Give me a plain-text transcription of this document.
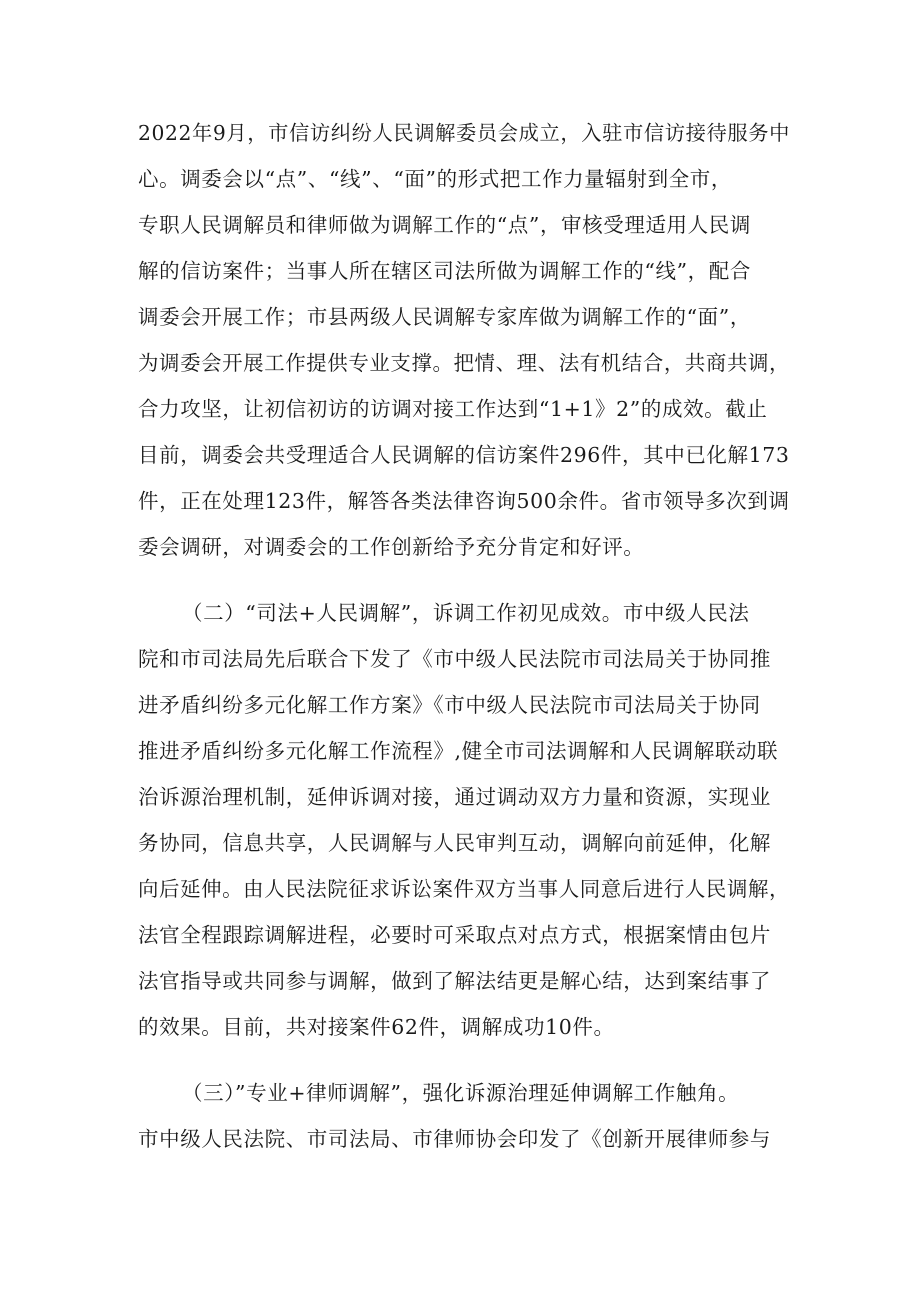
2022年9月，市信访纠纷人民调解委员会成立，入驻市信访接待服务中
心。调委会以“点”、“线”、“面”的形式把工作力量辐射到全市，
专职人民调解员和律师做为调解工作的“点”，审核受理适用人民调
解的信访案件；当事人所在辖区司法所做为调解工作的“线”，配合
调委会开展工作；市县两级人民调解专家库做为调解工作的“面”，
为调委会开展工作提供专业支撑。把情、理、法有机结合，共商共调，
合力攻坚，让初信初访的访调对接工作达到“1+1》2”的成效。截止
目前，调委会共受理适合人民调解的信访案件296件，其中已化解173
件，正在处理123件，解答各类法律咨询500余件。省市领导多次到调
委会调研，对调委会的工作创新给予充分肯定和好评。
（二）“司法+人民调解”，诉调工作初见成效。市中级人民法
院和市司法局先后联合下发了《市中级人民法院市司法局关于协同推
进矛盾纠纷多元化解工作方案》《市中级人民法院市司法局关于协同
推进矛盾纠纷多元化解工作流程》,健全市司法调解和人民调解联动联
治诉源治理机制，延伸诉调对接，通过调动双方力量和资源，实现业
务协同，信息共享，人民调解与人民审判互动，调解向前延伸，化解
向后延伸。由人民法院征求诉讼案件双方当事人同意后进行人民调解，
法官全程跟踪调解进程，必要时可采取点对点方式，根据案情由包片
法官指导或共同参与调解，做到了解法结更是解心结，达到案结事了
的效果。目前，共对接案件62件，调解成功10件。
（三）”专业+律师调解”，强化诉源治理延伸调解工作触角。
市中级人民法院、市司法局、市律师协会印发了《创新开展律师参与
